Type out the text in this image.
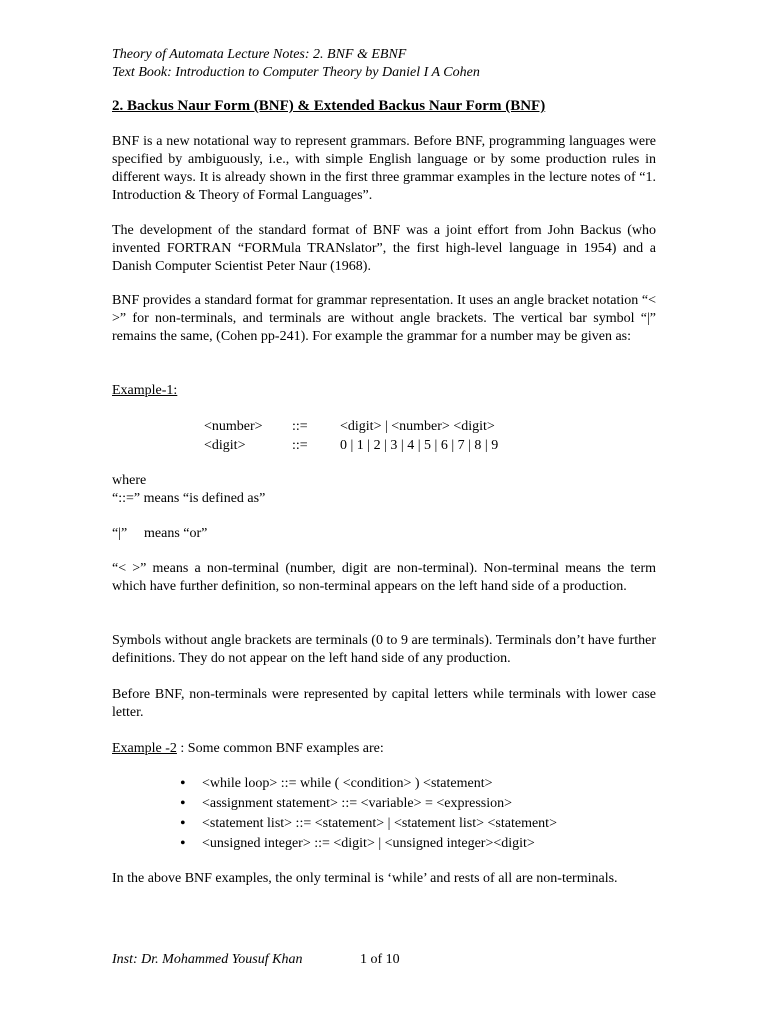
Theory of Automata Lecture Notes: 2. BNF & EBNF
Text Book: Introduction to Computer Theory by Daniel I A Cohen
2. Backus Naur Form (BNF) & Extended Backus Naur Form (BNF)

BNF is a new notational way to represent grammars. Before BNF, programming languages were specified by ambiguously, i.e., with simple English language or by some production rules in different ways. It is already shown in the first three grammar examples in the lecture notes of “1. Introduction & Theory of Formal Languages”.

The development of the standard format of BNF was a joint effort from John Backus (who invented FORTRAN “FORMula TRANslator”, the first high-level language in 1954) and a Danish Computer Scientist Peter Naur (1968).

BNF provides a standard format for grammar representation. It uses an angle bracket notation “< >” for non-terminals, and terminals are without angle brackets. The vertical bar symbol “|” remains the same, (Cohen pp-241). For example the grammar for a number may be given as:

Example-1:
<number> ::= <digit> | <number> <digit>
<digit>	::= 0 | 1 | 2 | 3 | 4 | 5 | 6 | 7 | 8 | 9
where
“::=” means “is defined as”
“|” means “or”

“< >” means a non-terminal (number, digit are non-terminal). Non-terminal means the term which have further definition, so non-terminal appears on the left hand side of a production.

Symbols without angle brackets are terminals (0 to 9 are terminals). Terminals don’t have further definitions. They do not appear on the left hand side of any production.

Before BNF, non-terminals were represented by capital letters while terminals with lower case letter.

Example -2 : Some common BNF examples are:
• <while loop> ::= while ( <condition> ) <statement>
• <assignment statement> ::= <variable> = <expression>
• <statement list> ::= <statement> | <statement list> <statement>
• <unsigned integer> ::= <digit> | <unsigned integer><digit>

In the above BNF examples, the only terminal is ‘while’ and rests of all are non-terminals.

Inst: Dr. Mohammed Yousuf Khan	1 of 10
